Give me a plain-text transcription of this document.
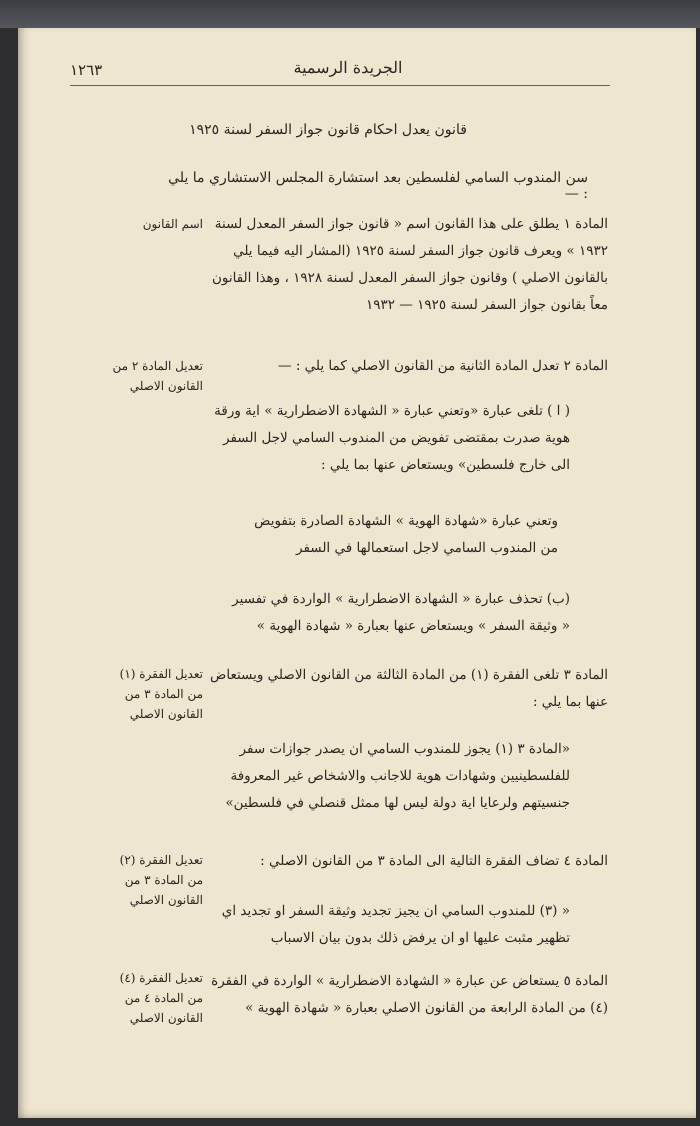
الجريدة الرسمية
١٢٦٣
قانون يعدل احكام قانون جواز السفر لسنة ١٩٢٥
سن المندوب السامي لفلسطين بعد استشارة المجلس الاستشاري ما يلي : —
اسم القانون المادة ١ يطلق على هذا القانون اسم « قانون جواز السفر المعدل لسنة
١٩٣٢ » ويعرف قانون جواز السفر لسنة ١٩٢٥ (المشار اليه فيما يلي
بالقانون الاصلي ) وقانون جواز السفر المعدل لسنة ١٩٢٨ ، وهذا القانون
معاً بقانون جواز السفر لسنة ١٩٢٥ — ١٩٣٢
تعديل المادة ٢ من
القانون الاصلي
المادة ٢ تعدل المادة الثانية من القانون الاصلي كما يلي : —
( ا ) تلغى عبارة «وتعني عبارة « الشهادة الاضطرارية » اية ورقة
هوية صدرت بمقتضى تفويض من المندوب السامي لاجل السفر
الى خارج فلسطين» ويستعاض عنها بما يلي :
وتعني عبارة «شهادة الهوية » الشهادة الصادرة بتفويض
من المندوب السامي لاجل استعمالها في السفر
(ب) تحذف عبارة « الشهادة الاضطرارية » الواردة في تفسير
« وثيقة السفر » ويستعاض عنها بعبارة « شهادة الهوية »
تعديل الفقرة (١)
من المادة ٣ من
القانون الاصلي
المادة ٣ تلغى الفقرة (١) من المادة الثالثة من القانون الاصلي ويستعاض
عنها بما يلي :
«المادة ٣ (١) يجوز للمندوب السامي ان يصدر جوازات سفر
للفلسطينيين وشهادات هوية للاجانب والاشخاص غير المعروفة
جنسيتهم ولرعايا اية دولة ليس لها ممثل قنصلي في فلسطين»
تعديل الفقرة (٢)
من المادة ٣ من
القانون الاصلي
المادة ٤ تضاف الفقرة التالية الى المادة ٣ من القانون الاصلي :
« (٣) للمندوب السامي ان يجيز تجديد وثيقة السفر او تجديد اي
تظهير مثبت عليها او ان يرفض ذلك بدون بيان الاسباب
تعديل الفقرة (٤)
من المادة ٤ من
القانون الاصلي
المادة ٥ يستعاض عن عبارة « الشهادة الاضطرارية » الواردة في الفقرة
(٤) من المادة الرابعة من القانون الاصلي بعبارة « شهادة الهوية »
